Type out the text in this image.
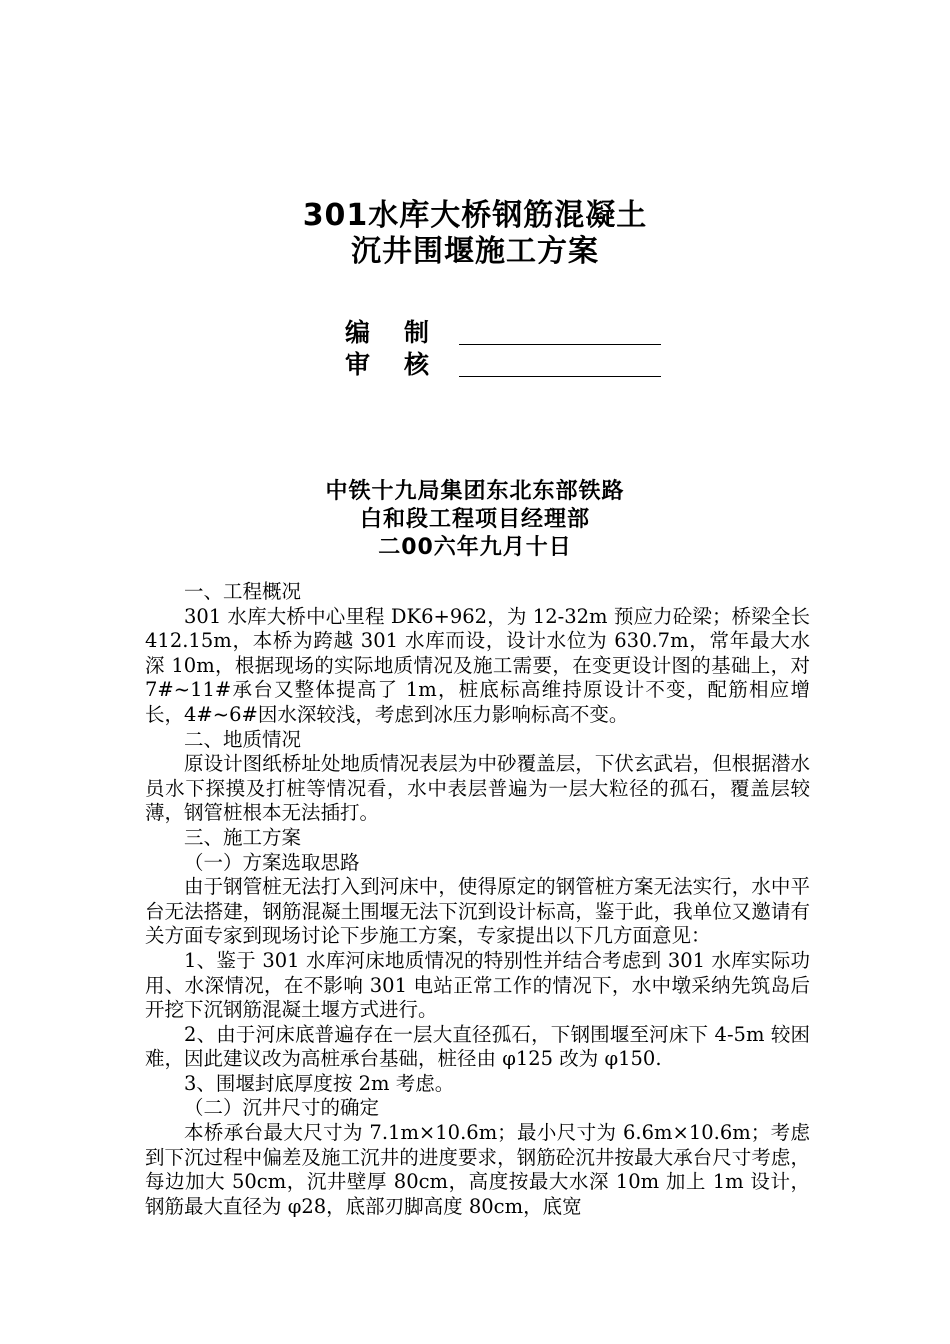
301水库大桥钢筋混凝土
沉井围堰施工方案
编制
审核
中铁十九局集团东北东部铁路
白和段工程项目经理部
二00六年九月十日

一、工程概况

301 水库大桥中心里程 DK6+962，为 12-32m 预应力砼梁；桥梁全长 412.15m，本桥为跨越 301 水库而设，设计水位为 630.7m，常年最大水深 10m，根据现场的实际地质情况及施工需要，在变更设计图的基础上，对 7#~11#承台又整体提高了 1m，桩底标高维持原设计不变，配筋相应增长，4#~6#因水深较浅，考虑到冰压力影响标高不变。

二、地质情况

原设计图纸桥址处地质情况表层为中砂覆盖层，下伏玄武岩，但根据潜水员水下探摸及打桩等情况看，水中表层普遍为一层大粒径的孤石，覆盖层较薄，钢管桩根本无法插打。

三、施工方案

（一）方案选取思路

由于钢管桩无法打入到河床中，使得原定的钢管桩方案无法实行，水中平台无法搭建，钢筋混凝土围堰无法下沉到设计标高，鉴于此，我单位又邀请有关方面专家到现场讨论下步施工方案，专家提出以下几方面意见：

1、鉴于 301 水库河床地质情况的特别性并结合考虑到 301 水库实际功用、水深情况，在不影响 301 电站正常工作的情况下，水中墩采纳先筑岛后开挖下沉钢筋混凝土堰方式进行。

2、由于河床底普遍存在一层大直径孤石，下钢围堰至河床下 4-5m 较困难，因此建议改为高桩承台基础，桩径由 φ125 改为 φ150.

3、围堰封底厚度按 2m 考虑。

（二）沉井尺寸的确定

本桥承台最大尺寸为 7.1m×10.6m；最小尺寸为 6.6m×10.6m；考虑到下沉过程中偏差及施工沉井的进度要求，钢筋砼沉井按最大承台尺寸考虑，每边加大 50cm，沉井壁厚 80cm，高度按最大水深 10m 加上 1m 设计，钢筋最大直径为 φ28，底部刃脚高度 80cm，底宽
